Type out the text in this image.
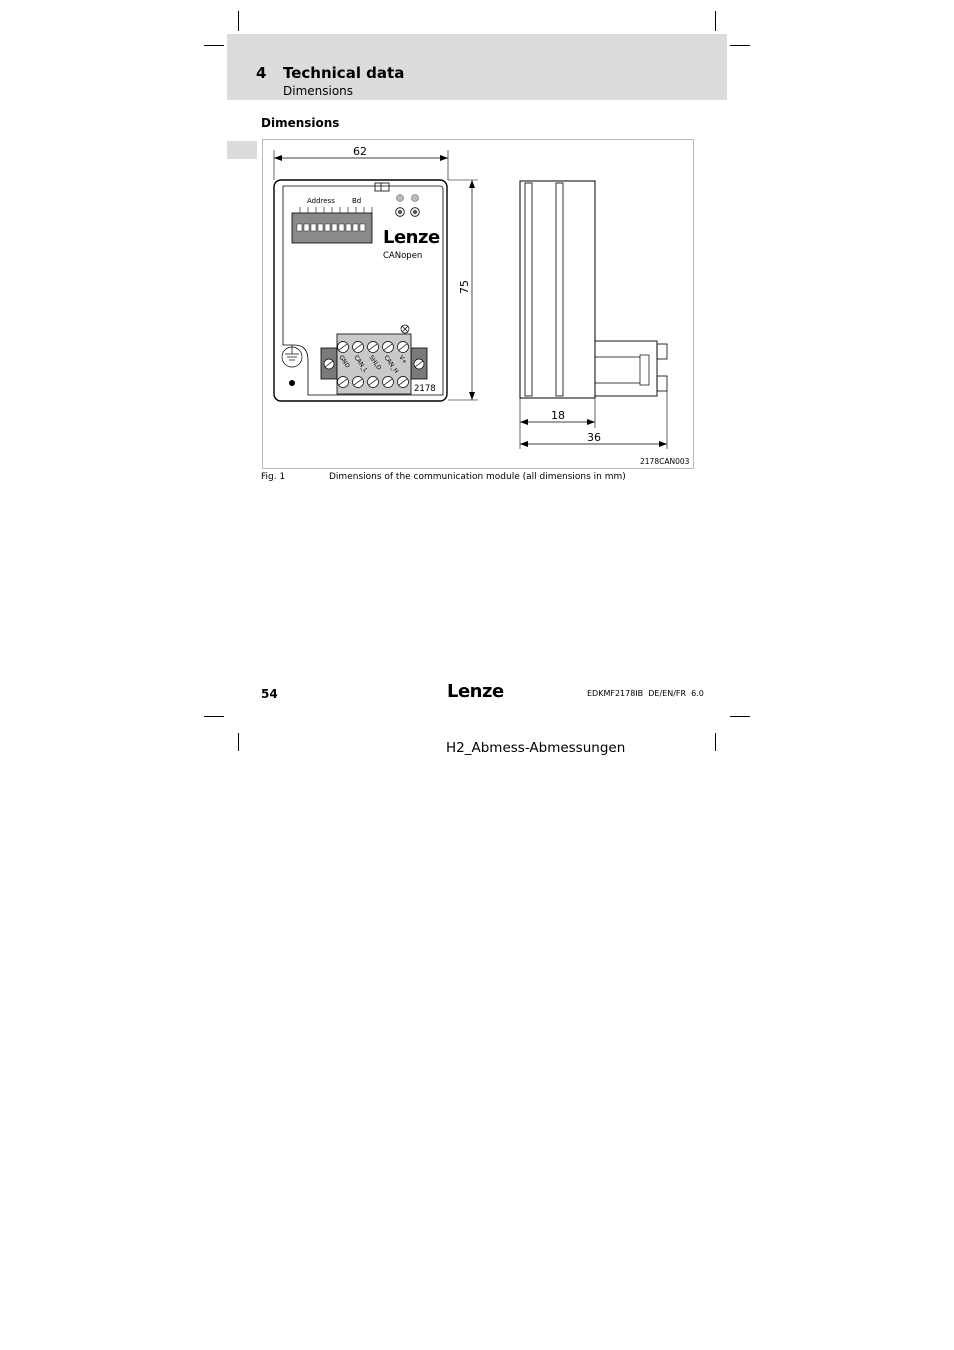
4 Technical data
Dimensions
Dimensions
Address Bd
Lenze
CANopen
GND CAN_L
SHLD CAN_H
V+
2178
62
75
18
36
2178CAN003
Lenze
Fig. 1	Dimensions of the communication module (all dimensions in mm)
54	EDKMF2178IB  DE/EN/FR  6.0
H2_Abmess-Abmessungen
